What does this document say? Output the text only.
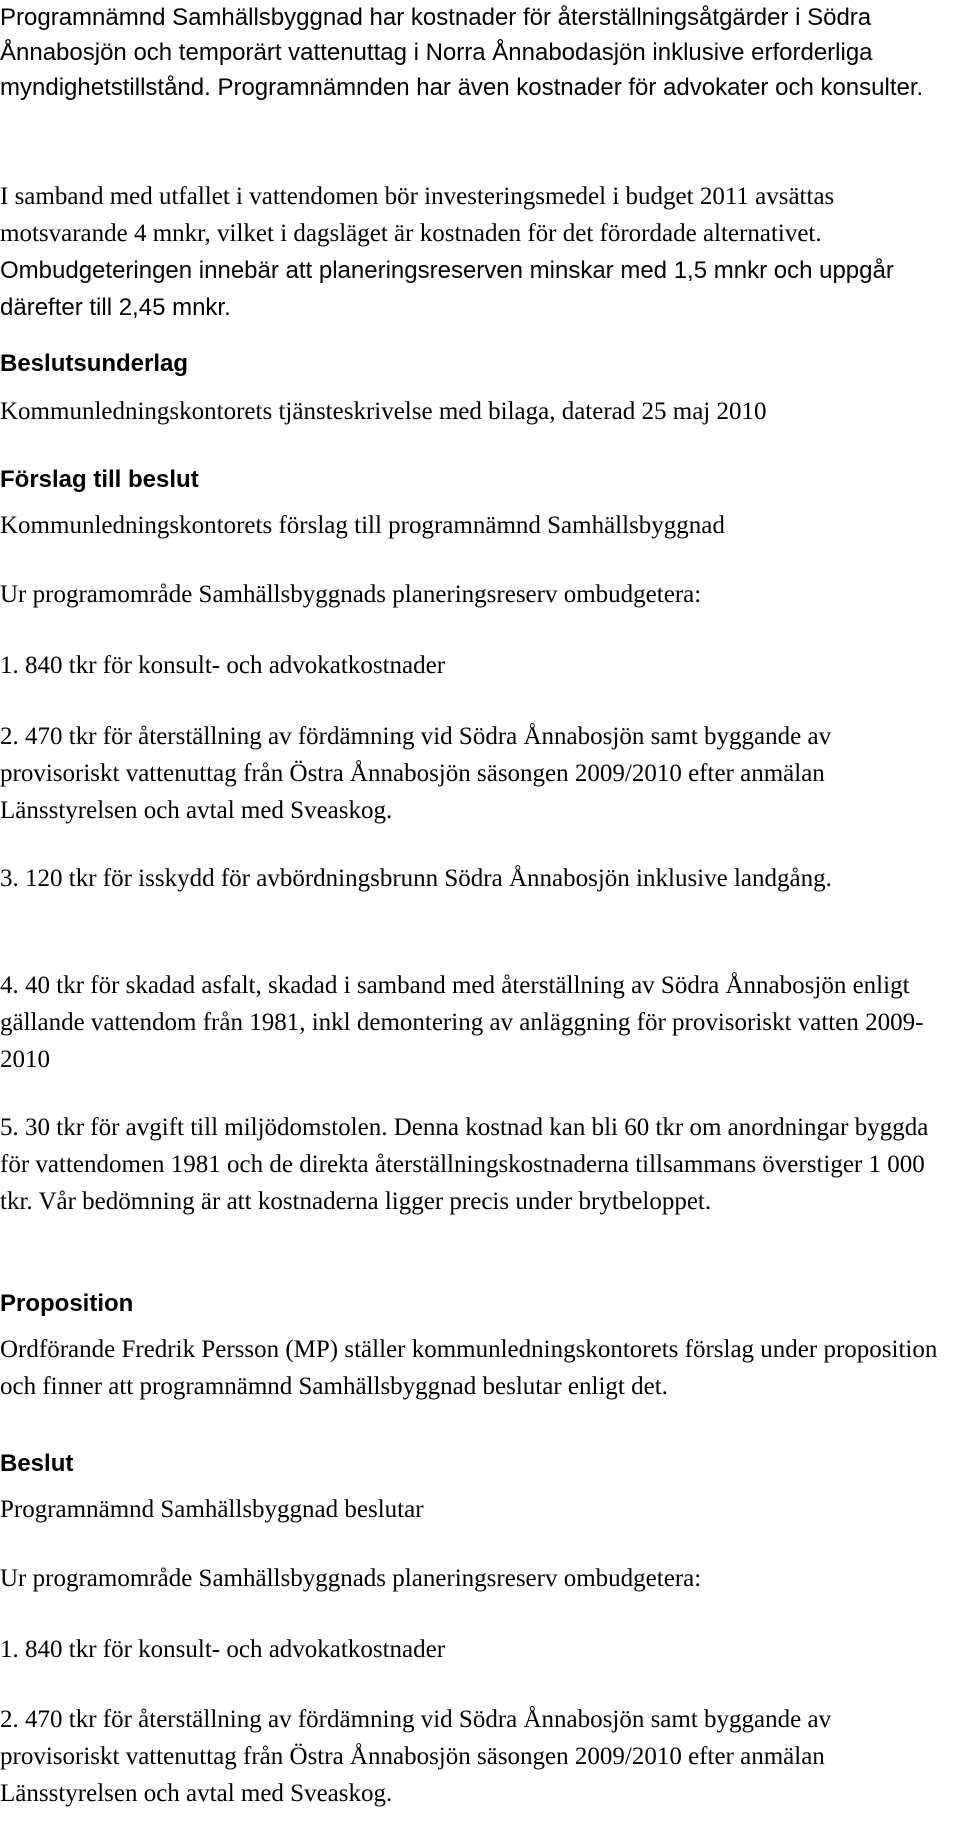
Programnämnd Samhällsbyggnad har kostnader för återställningsåtgärder i Södra Ånnabosjön och temporärt vattenuttag i Norra Ånnabodasjön inklusive erforderliga myndighetstillstånd. Programnämnden har även kostnader för advokater och konsulter.

I samband med utfallet i vattendomen bör investeringsmedel i budget 2011 avsättas motsvarande 4 mnkr, vilket i dagsläget är kostnaden för det förordade alternativet. Ombudgeteringen innebär att planeringsreserven minskar med 1,5 mnkr och uppgår därefter till 2,45 mnkr.

Beslutsunderlag

Kommunledningskontorets tjänsteskrivelse med bilaga, daterad 25 maj 2010

Förslag till beslut

Kommunledningskontorets förslag till programnämnd Samhällsbyggnad

Ur programområde Samhällsbyggnads planeringsreserv ombudgetera:

1. 840 tkr för konsult- och advokatkostnader

2. 470 tkr för återställning av fördämning vid Södra Ånnabosjön samt byggande av provisoriskt vattenuttag från Östra Ånnabosjön säsongen 2009/2010 efter anmälan Länsstyrelsen och avtal med Sveaskog.

3. 120 tkr för isskydd för avbördningsbrunn Södra Ånnabosjön inklusive landgång.

4. 40 tkr för skadad asfalt, skadad i samband med återställning av Södra Ånnabosjön enligt gällande vattendom från 1981, inkl demontering av anläggning för provisoriskt vatten 2009-2010

5. 30 tkr för avgift till miljödomstolen. Denna kostnad kan bli 60 tkr om anordningar byggda för vattendomen 1981 och de direkta återställningskostnaderna tillsammans överstiger 1 000 tkr. Vår bedömning är att kostnaderna ligger precis under brytbeloppet.

Proposition

Ordförande Fredrik Persson (MP) ställer kommunledningskontorets förslag under proposition och finner att programnämnd Samhällsbyggnad beslutar enligt det.

Beslut

Programnämnd Samhällsbyggnad beslutar

Ur programområde Samhällsbyggnads planeringsreserv ombudgetera:

1. 840 tkr för konsult- och advokatkostnader

2. 470 tkr för återställning av fördämning vid Södra Ånnabosjön samt byggande av provisoriskt vattenuttag från Östra Ånnabosjön säsongen 2009/2010 efter anmälan Länsstyrelsen och avtal med Sveaskog.
